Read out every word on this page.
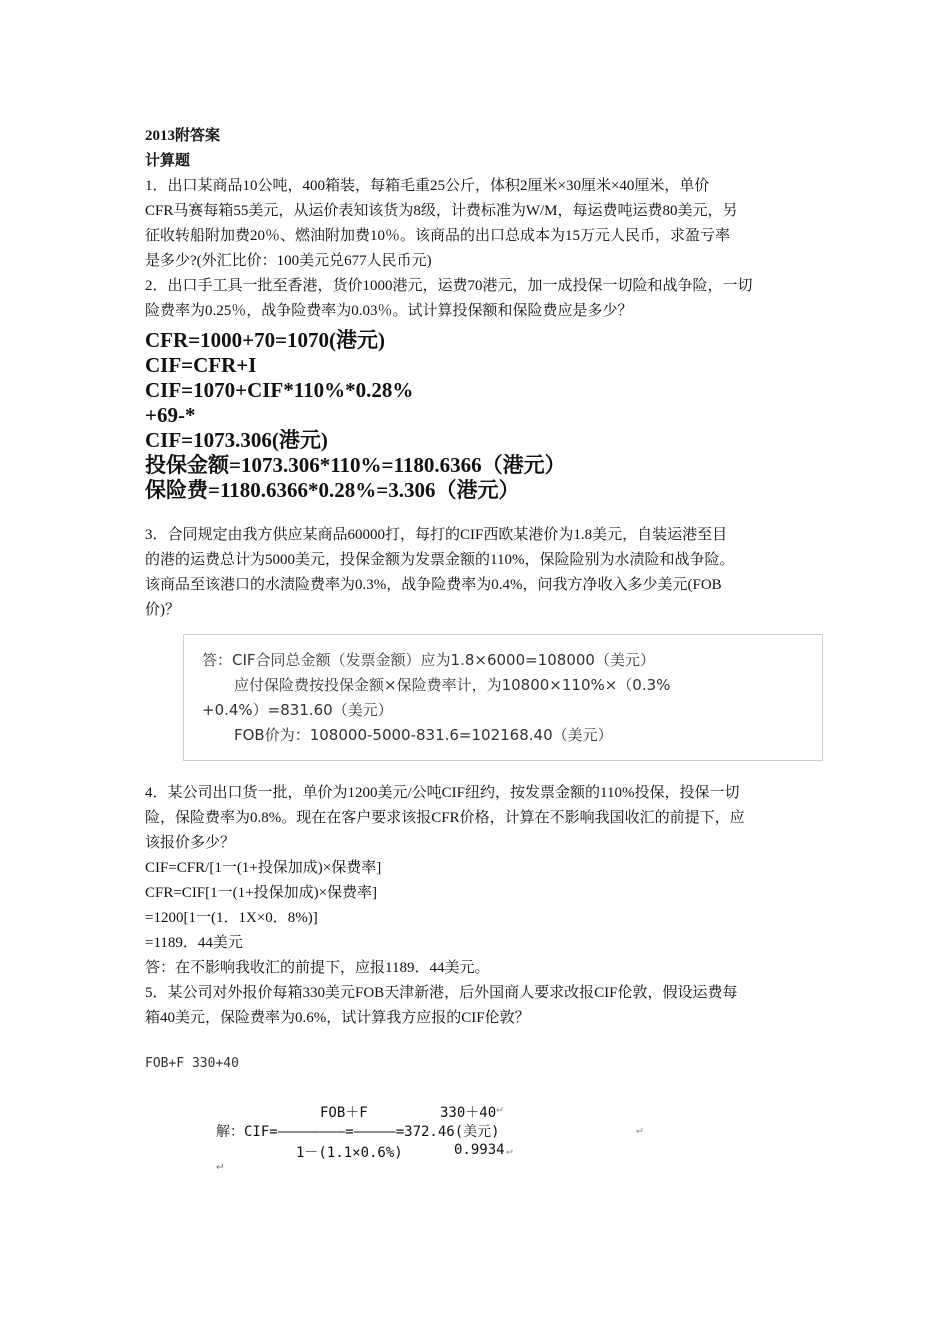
2013附答案

计算题

1．出口某商品10公吨，400箱装，每箱毛重25公斤，体积2厘米×30厘米×40厘米，单价

CFR马赛每箱55美元，从运价表知该货为8级，计费标准为W/M，每运费吨运费80美元，另

征收转船附加费20％、燃油附加费10％。该商品的出口总成本为15万元人民币，求盈亏率

是多少?(外汇比价：100美元兑677人民币元)

2．出口手工具一批至香港，货价1000港元，运费70港元，加一成投保一切险和战争险，一切

险费率为0.25％，战争险费率为0.03％。试计算投保额和保险费应是多少？

CFR=1000+70=1070(港元)

CIF=CFR+I

CIF=1070+CIF*110%*0.28%

+69-*

CIF=1073.306(港元)

投保金额=1073.306*110%=1180.6366（港元）

保险费=1180.6366*0.28%=3.306（港元）

3．合同规定由我方供应某商品60000打，每打的CIF西欧某港价为1.8美元，自装运港至目

的港的运费总计为5000美元，投保金额为发票金额的110%，保险险别为水渍险和战争险。

该商品至该港口的水渍险费率为0.3%，战争险费率为0.4%，问我方净收入多少美元(FOB

价)？

答：CIF合同总金额（发票金额）应为1.8×6000=108000（美元）

应付保险费按投保金额×保险费率计，为10800×110%×（0.3%

+0.4%）=831.60（美元）

FOB价为：108000-5000-831.6=102168.40（美元）

4．某公司出口货一批，单价为1200美元/公吨CIF纽约，按发票金额的110%投保，投保一切

险，保险费率为0.8%。现在在客户要求该报CFR价格，计算在不影响我国收汇的前提下，应

该报价多少？

CIF=CFR/[1一(1+投保加成)×保费率]

CFR=CIF[1一(1+投保加成)×保费率]

=1200[1一(1．1X×0．8%)]

=1189．44美元

答：在不影响我收汇的前提下，应报1189．44美元。

5．某公司对外报价每箱330美元FOB天津新港，后外国商人要求改报CIF伦敦，假设运费每

箱40美元，保险费率为0.6%，试计算我方应报的CIF伦敦？

FOB+F 330+40

FOB＋F	330＋40 ↵
解：CIF=————————=—————=372.46(美元)	↵
1－(1.1×0.6%)	0.9934 ↵
↵
